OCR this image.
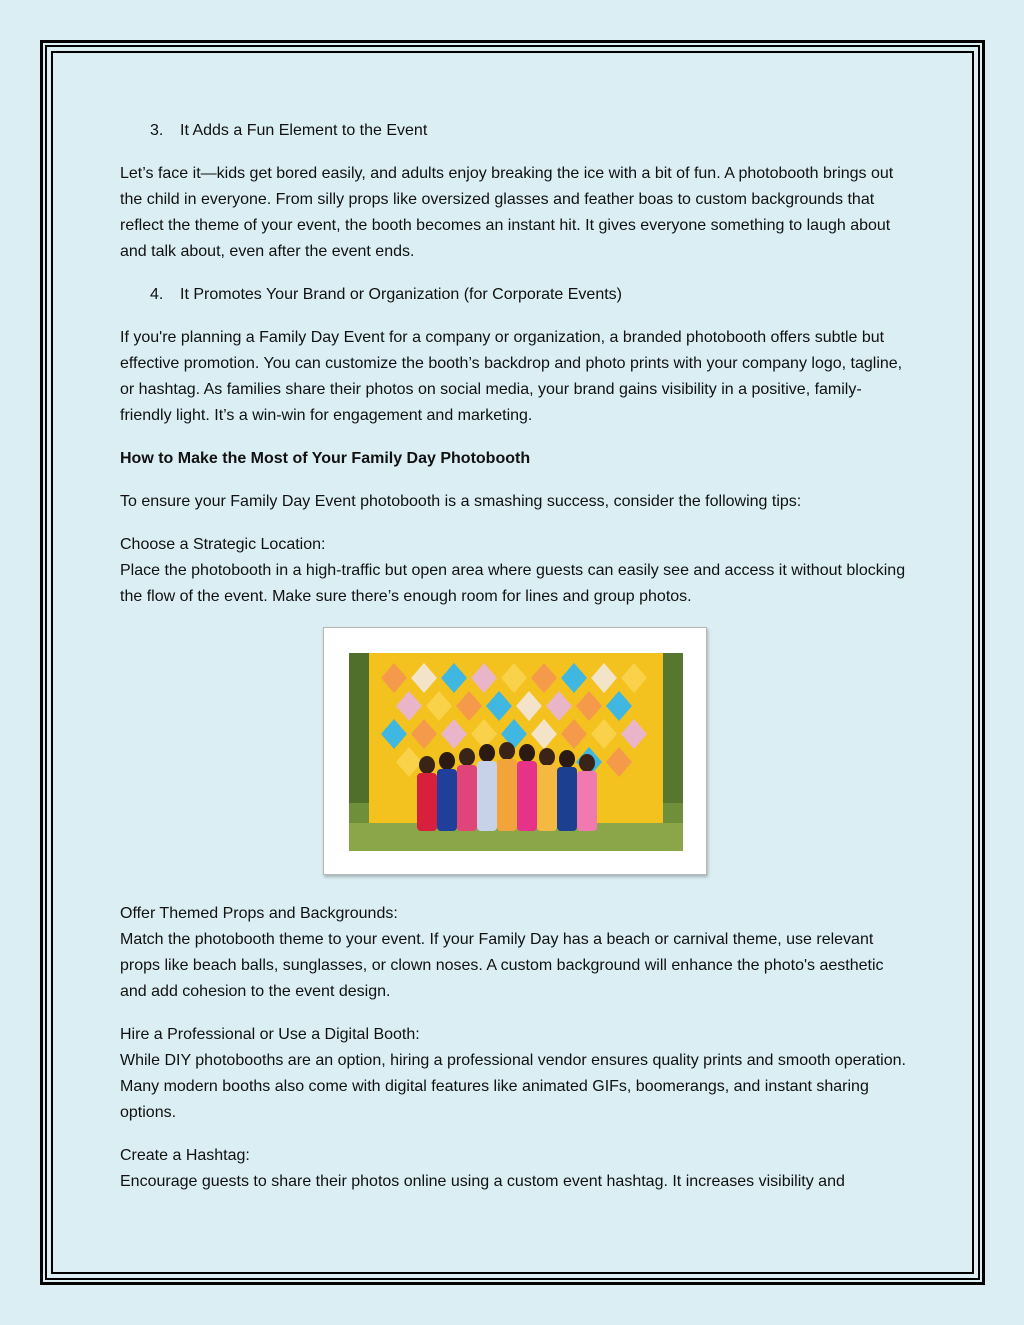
3.	It Adds a Fun Element to the Event

Let’s face it—kids get bored easily, and adults enjoy breaking the ice with a bit of fun. A photobooth brings out the child in everyone. From silly props like oversized glasses and feather boas to custom backgrounds that reflect the theme of your event, the booth becomes an instant hit. It gives everyone something to laugh about and talk about, even after the event ends.

4.	It Promotes Your Brand or Organization (for Corporate Events)

If you're planning a Family Day Event for a company or organization, a branded photobooth offers subtle but effective promotion. You can customize the booth’s backdrop and photo prints with your company logo, tagline, or hashtag. As families share their photos on social media, your brand gains visibility in a positive, family-friendly light. It’s a win-win for engagement and marketing.

How to Make the Most of Your Family Day Photobooth

To ensure your Family Day Event photobooth is a smashing success, consider the following tips:

Choose a Strategic Location:
Place the photobooth in a high-traffic but open area where guests can easily see and access it without blocking the flow of the event. Make sure there’s enough room for lines and group photos.

Offer Themed Props and Backgrounds:
Match the photobooth theme to your event. If your Family Day has a beach or carnival theme, use relevant props like beach balls, sunglasses, or clown noses. A custom background will enhance the photo's aesthetic and add cohesion to the event design.

Hire a Professional or Use a Digital Booth:
While DIY photobooths are an option, hiring a professional vendor ensures quality prints and smooth operation. Many modern booths also come with digital features like animated GIFs, boomerangs, and instant sharing options.

Create a Hashtag:
Encourage guests to share their photos online using a custom event hashtag. It increases visibility and
